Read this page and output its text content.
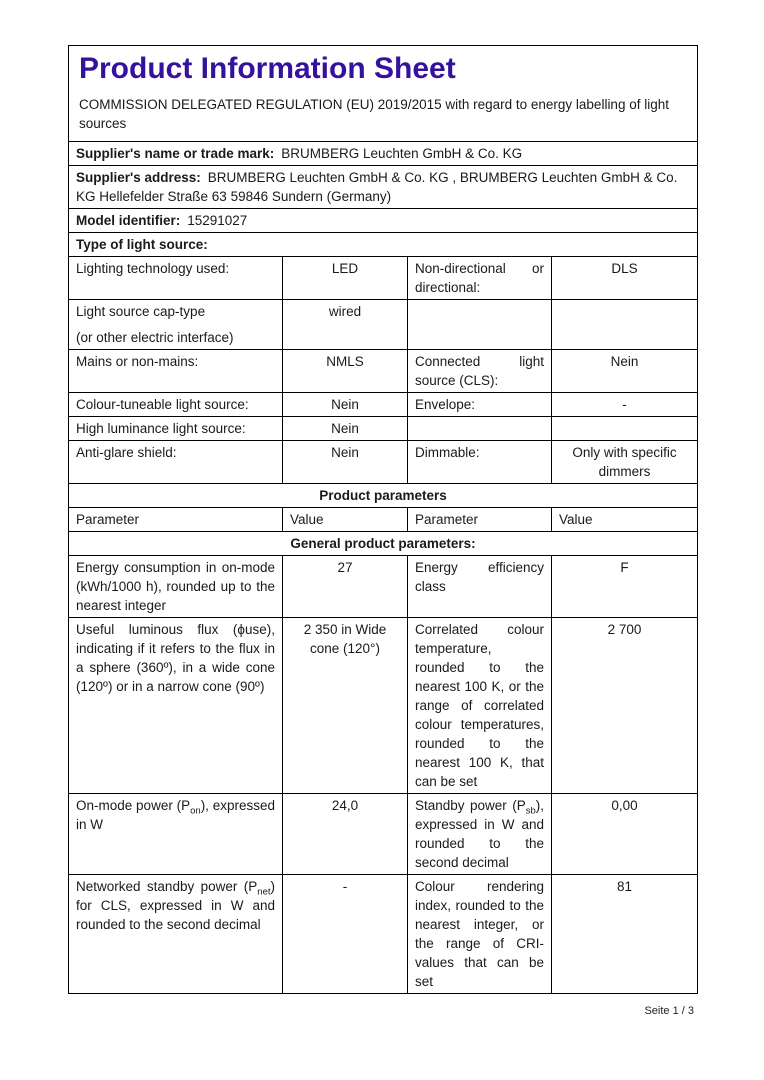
Product Information Sheet

COMMISSION DELEGATED REGULATION (EU) 2019/2015 with regard to energy labelling of light sources

Supplier's name or trade mark: BRUMBERG Leuchten GmbH & Co. KG			
Supplier's address: BRUMBERG Leuchten GmbH & Co. KG , BRUMBERG Leuchten GmbH & Co. KG Hellefelder Straße 63 59846 Sundern (Germany)			
Model identifier: 15291027			
Type of light source:			
Lighting technology used:	LED	Non-directional or directional:	DLS

Light source cap-type
(or other electric interface)	wired		
Mains or non-mains:	NMLS	Connected light source (CLS):	Nein
Colour-tuneable light source:	Nein	Envelope:	-
High luminance light source:	Nein		
Anti-glare shield:	Nein	Dimmable:	Only with specific dimmers
Product parameters			
Parameter	Value	Parameter	Value
General product parameters:			
Energy consumption in on-mode (kWh/1000 h), rounded up to the nearest integer	27	Energy efficiency class	F
Useful luminous flux (ϕuse), indicating if it refers to the flux in a sphere (360º), in a wide cone (120º) or in a narrow cone (90º)	2 350 in Wide cone (120°)	Correlated colour temperature, rounded to the nearest 100 K, or the range of correlated colour temperatures, rounded to the nearest 100 K, that can be set	2 700
On-mode power $(P_{on})$, expressed in W	24,0	Standby power $(P_{sb})$, expressed in W and rounded to the second decimal	0,00
Networked standby power $(P_{net})$ for CLS, expressed in W and rounded to the second decimal	-	Colour rendering index, rounded to the nearest integer, or the range of CRI-values that can be set	81
Seite 1 / 3
